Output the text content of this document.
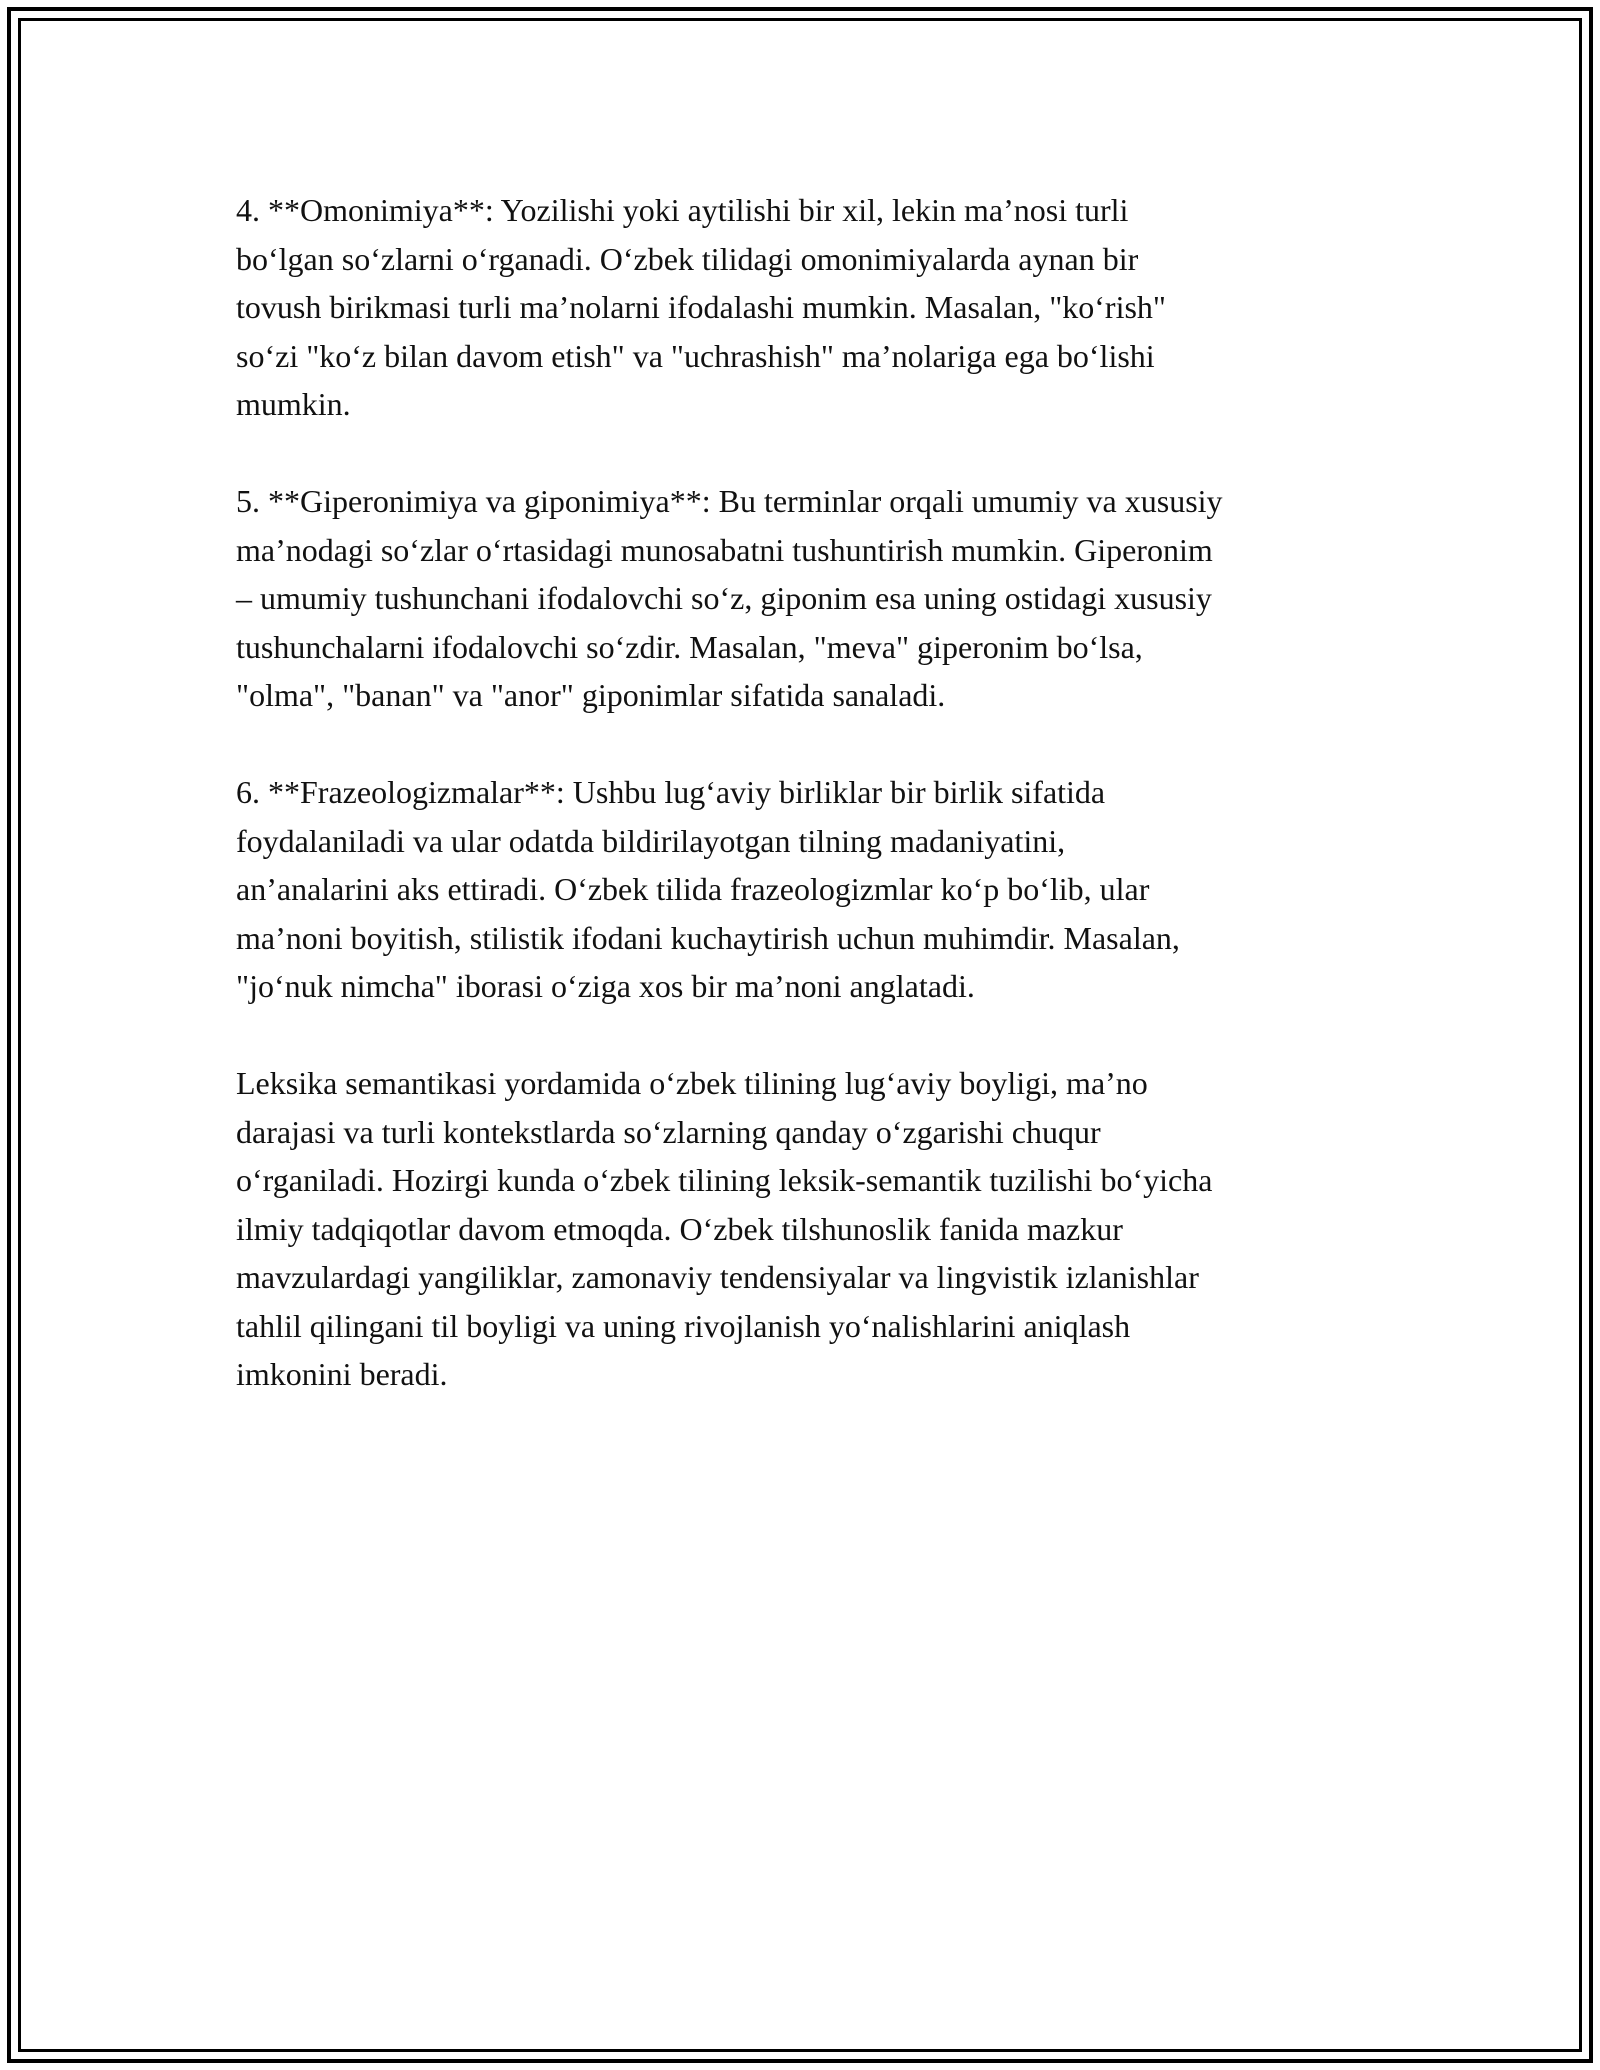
4. **Omonimiya**: Yozilishi yoki aytilishi bir xil, lekin ma’nosi turli
bo‘lgan so‘zlarni o‘rganadi. O‘zbek tilidagi omonimiyalarda aynan bir
tovush birikmasi turli ma’nolarni ifodalashi mumkin. Masalan, "ko‘rish"
so‘zi "ko‘z bilan davom etish" va "uchrashish" ma’nolariga ega bo‘lishi
mumkin.

5. **Giperonimiya va giponimiya**: Bu terminlar orqali umumiy va xususiy
ma’nodagi so‘zlar o‘rtasidagi munosabatni tushuntirish mumkin. Giperonim
– umumiy tushunchani ifodalovchi so‘z, giponim esa uning ostidagi xususiy
tushunchalarni ifodalovchi so‘zdir. Masalan, "meva" giperonim bo‘lsa,
"olma", "banan" va "anor" giponimlar sifatida sanaladi.

6. **Frazeologizmalar**: Ushbu lug‘aviy birliklar bir birlik sifatida
foydalaniladi va ular odatda bildirilayotgan tilning madaniyatini,
an’analarini aks ettiradi. O‘zbek tilida frazeologizmlar ko‘p bo‘lib, ular
ma’noni boyitish, stilistik ifodani kuchaytirish uchun muhimdir. Masalan,
"jo‘nuk nimcha" iborasi o‘ziga xos bir ma’noni anglatadi.

Leksika semantikasi yordamida o‘zbek tilining lug‘aviy boyligi, ma’no
darajasi va turli kontekstlarda so‘zlarning qanday o‘zgarishi chuqur
o‘rganiladi. Hozirgi kunda o‘zbek tilining leksik-semantik tuzilishi bo‘yicha
ilmiy tadqiqotlar davom etmoqda. O‘zbek tilshunoslik fanida mazkur
mavzulardagi yangiliklar, zamonaviy tendensiyalar va lingvistik izlanishlar
tahlil qilingani til boyligi va uning rivojlanish yo‘nalishlarini aniqlash
imkonini beradi.
